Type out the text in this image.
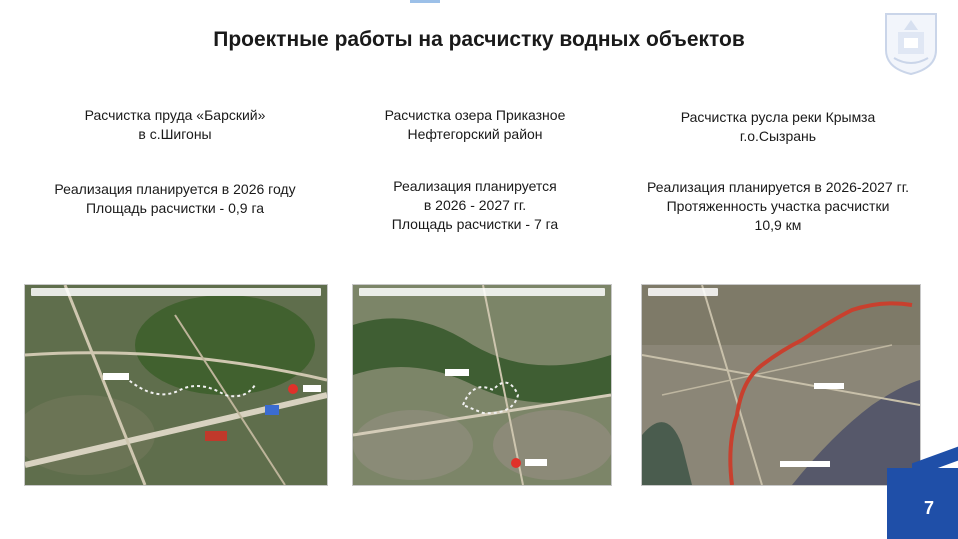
Проектные работы на расчистку водных объектов
Расчистка пруда «Барский»
в с.Шигоны
Реализация планируется в 2026 году
Площадь расчистки - 0,9 га
Расчистка озера Приказное
Нефтегорский район
Реализация планируется
в 2026 - 2027 гг.
Площадь расчистки - 7 га
Расчистка русла реки Крымза
г.о.Сызрань
Реализация планируется в 2026-2027 гг.
Протяженность участка расчистки
10,9 км
7
